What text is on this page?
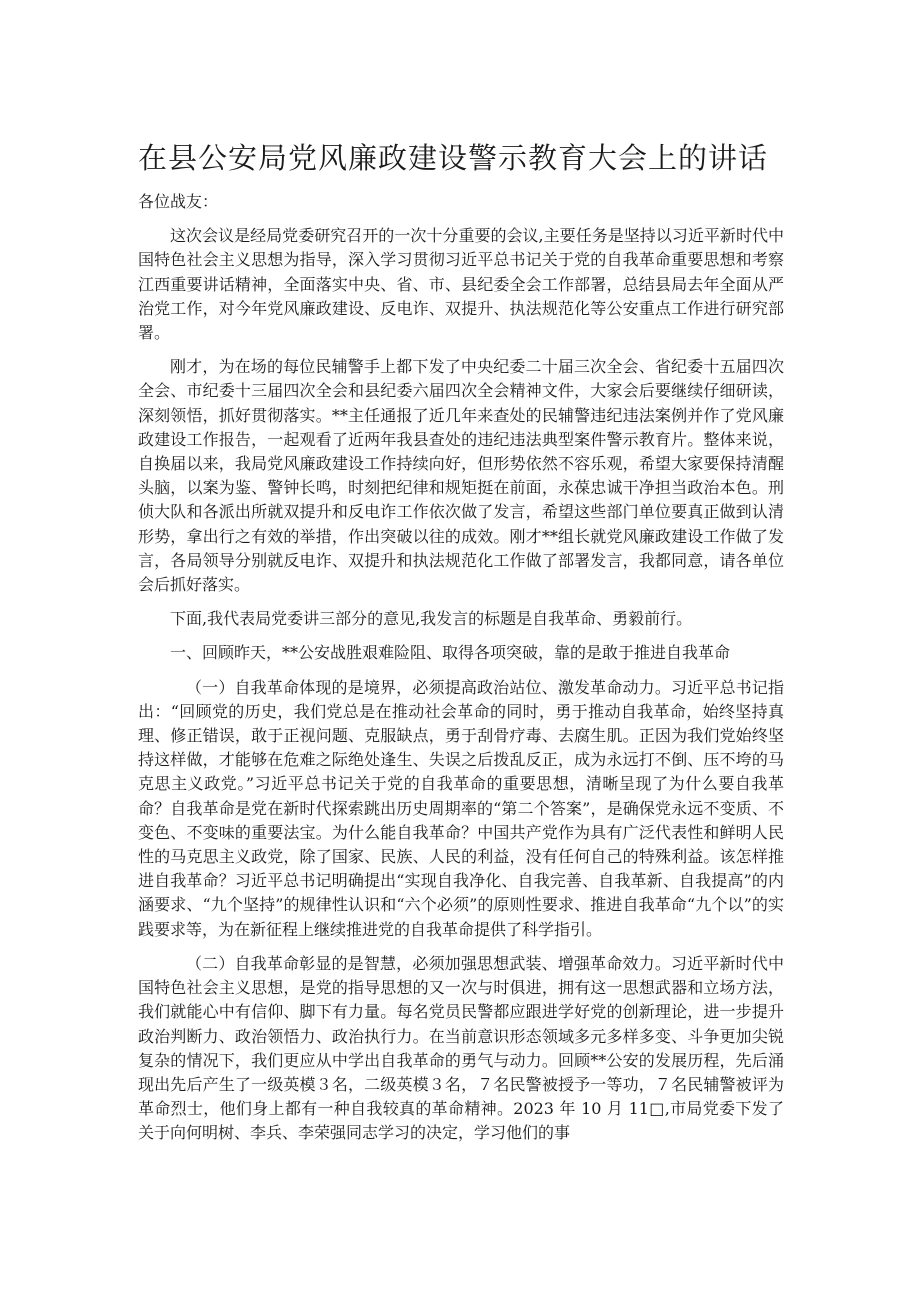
在县公安局党风廉政建设警示教育大会上的讲话

各位战友：

这次会议是经局党委研究召开的一次十分重要的会议,主要任务是坚持以习近平新时代中国特色社会主义思想为指导，深入学习贯彻习近平总书记关于党的自我革命重要思想和考察江西重要讲话精神，全面落实中央、省、市、县纪委全会工作部署，总结县局去年全面从严治党工作，对今年党风廉政建设、反电诈、双提升、执法规范化等公安重点工作进行研究部署。

刚才，为在场的每位民辅警手上都下发了中央纪委二十届三次全会、省纪委十五届四次全会、市纪委十三届四次全会和县纪委六届四次全会精神文件，大家会后要继续仔细研读，深刻领悟，抓好贯彻落实。**主任通报了近几年来查处的民辅警违纪违法案例并作了党风廉政建设工作报告，一起观看了近两年我县查处的违纪违法典型案件警示教育片。整体来说，自换届以来，我局党风廉政建设工作持续向好，但形势依然不容乐观，希望大家要保持清醒头脑，以案为鉴、警钟长鸣，时刻把纪律和规矩挺在前面，永葆忠诚干净担当政治本色。刑侦大队和各派出所就双提升和反电诈工作依次做了发言，希望这些部门单位要真正做到认清形势，拿出行之有效的举措，作出突破以往的成效。刚才**组长就党风廉政建设工作做了发言，各局领导分别就反电诈、双提升和执法规范化工作做了部署发言，我都同意，请各单位会后抓好落实。

下面,我代表局党委讲三部分的意见,我发言的标题是自我革命、勇毅前行。

一、回顾昨天，**公安战胜艰难险阻、取得各项突破，靠的是敢于推进自我革命

（一）自我革命体现的是境界，必须提高政治站位、激发革命动力。习近平总书记指出：“回顾党的历史，我们党总是在推动社会革命的同时，勇于推动自我革命，始终坚持真理、修正错误，敢于正视问题、克服缺点，勇于刮骨疗毒、去腐生肌。正因为我们党始终坚持这样做，才能够在危难之际绝处逢生、失误之后拨乱反正，成为永远打不倒、压不垮的马克思主义政党。”习近平总书记关于党的自我革命的重要思想，清晰呈现了为什么要自我革命？自我革命是党在新时代探索跳出历史周期率的“第二个答案”，是确保党永远不变质、不变色、不变味的重要法宝。为什么能自我革命？中国共产党作为具有广泛代表性和鲜明人民性的马克思主义政党，除了国家、民族、人民的利益，没有任何自己的特殊利益。该怎样推进自我革命？习近平总书记明确提出“实现自我净化、自我完善、自我革新、自我提高”的内涵要求、“九个坚持”的规律性认识和“六个必须”的原则性要求、推进自我革命“九个以”的实践要求等，为在新征程上继续推进党的自我革命提供了科学指引。

（二）自我革命彰显的是智慧，必须加强思想武装、增强革命效力。习近平新时代中国特色社会主义思想，是党的指导思想的又一次与时俱进，拥有这一思想武器和立场方法，我们就能心中有信仰、脚下有力量。每名党员民警都应跟进学好党的创新理论，进一步提升政治判断力、政治领悟力、政治执行力。在当前意识形态领域多元多样多变、斗争更加尖锐复杂的情况下，我们更应从中学出自我革命的勇气与动力。回顾**公安的发展历程，先后涌现出先后产生了一级英模３名，二级英模３名，７名民警被授予一等功，７名民辅警被评为革命烈士，他们身上都有一种自我较真的革命精神。2023 年 10 月 11□,市局党委下发了关于向何明树、李兵、李荣强同志学习的决定，学习他们的事
